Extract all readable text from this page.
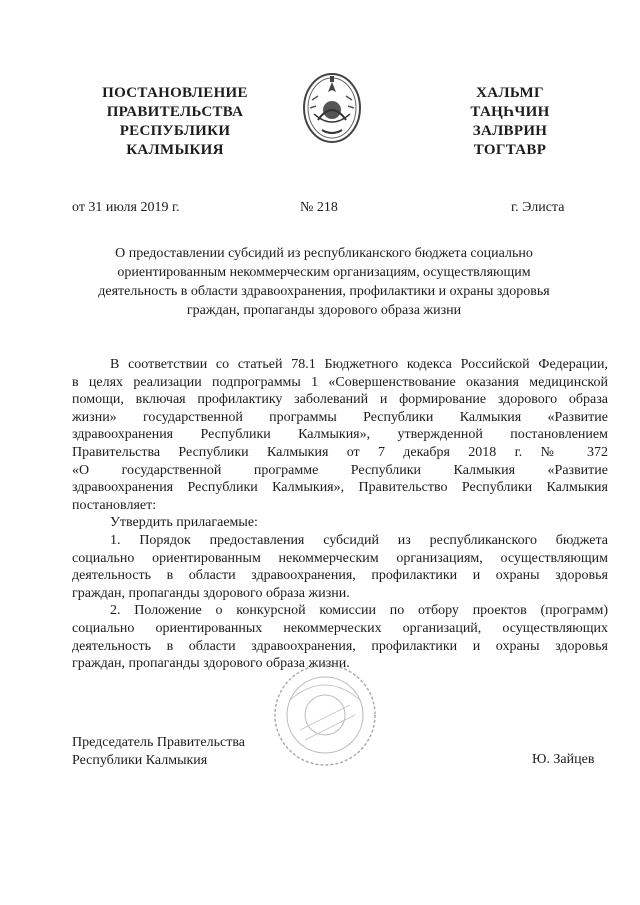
ПОСТАНОВЛЕНИЕ
ПРАВИТЕЛЬСТВА
РЕСПУБЛИКИ
КАЛМЫКИЯ
ХАЛЬМГ
ТАҢҺЧИН
ЗАЛВРИН
ТОГТАВР
от 31 июля 2019 г.	№ 218	г. Элиста
О предоставлении субсидий из республиканского бюджета социально
ориентированным некоммерческим организациям, осуществляющим
деятельность в области здравоохранения, профилактики и охраны здоровья
граждан, пропаганды здорового образа жизни
В соответствии со статьей 78.1 Бюджетного кодекса Российской Федерации,
в целях реализации подпрограммы 1 «Совершенствование оказания медицинской
помощи, включая профилактику заболеваний и формирование здорового образа
жизни» государственной программы Республики Калмыкия «Развитие
здравоохранения Республики Калмыкия», утвержденной постановлением
Правительства Республики Калмыкия от 7 декабря 2018 г. № 372
«О государственной программе Республики Калмыкия «Развитие
здравоохранения Республики Калмыкия», Правительство Республики Калмыкия
постановляет:
Утвердить прилагаемые:
1. Порядок предоставления субсидий из республиканского бюджета
социально ориентированным некоммерческим организациям, осуществляющим
деятельность в области здравоохранения, профилактики и охраны здоровья
граждан, пропаганды здорового образа жизни.
2. Положение о конкурсной комиссии по отбору проектов (программ)
социально ориентированных некоммерческих организаций, осуществляющих
деятельность в области здравоохранения, профилактики и охраны здоровья
граждан, пропаганды здорового образа жизни.
Председатель Правительства
Республики Калмыкия	Ю. Зайцев
